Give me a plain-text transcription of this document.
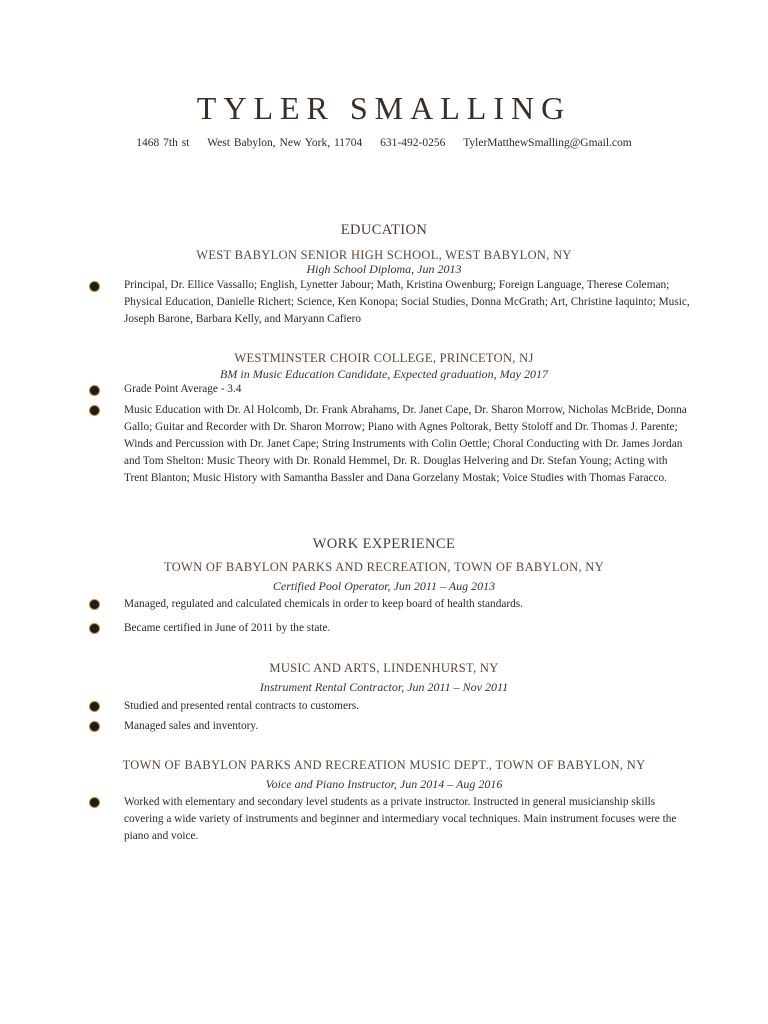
TYLER SMALLING
1468 7th st West Babylon, New York, 11704 631-492-0256 TylerMatthewSmalling@Gmail.com
EDUCATION
WEST BABYLON SENIOR HIGH SCHOOL, WEST BABYLON, NY
High School Diploma, Jun 2013
Principal, Dr. Ellice Vassallo; English, Lynetter Jabour; Math, Kristina Owenburg; Foreign Language, Therese Coleman; Physical Education, Danielle Richert; Science, Ken Konopa; Social Studies, Donna McGrath; Art, Christine Iaquinto; Music, Joseph Barone, Barbara Kelly, and Maryann Cafiero
WESTMINSTER CHOIR COLLEGE, PRINCETON, NJ
BM in Music Education Candidate, Expected graduation, May 2017
Grade Point Average - 3.4
Music Education with Dr. Al Holcomb, Dr. Frank Abrahams, Dr. Janet Cape, Dr. Sharon Morrow, Nicholas McBride, Donna Gallo; Guitar and Recorder with Dr. Sharon Morrow; Piano with Agnes Poltorak, Betty Stoloff and Dr. Thomas J. Parente; Winds and Percussion with Dr. Janet Cape; String Instruments with Colin Oettle; Choral Conducting with Dr. James Jordan and Tom Shelton: Music Theory with Dr. Ronald Hemmel, Dr. R. Douglas Helvering and Dr. Stefan Young; Acting with Trent Blanton; Music History with Samantha Bassler and Dana Gorzelany Mostak; Voice Studies with Thomas Faracco.
WORK EXPERIENCE
TOWN OF BABYLON PARKS AND RECREATION, TOWN OF BABYLON, NY
Certified Pool Operator, Jun 2011 – Aug 2013
Managed, regulated and calculated chemicals in order to keep board of health standards.
Became certified in June of 2011 by the state.
MUSIC AND ARTS, LINDENHURST, NY
Instrument Rental Contractor, Jun 2011 – Nov 2011
Studied and presented rental contracts to customers.
Managed sales and inventory.
TOWN OF BABYLON PARKS AND RECREATION MUSIC DEPT., TOWN OF BABYLON, NY
Voice and Piano Instructor, Jun 2014 – Aug 2016
Worked with elementary and secondary level students as a private instructor. Instructed in general musicianship skills covering a wide variety of instruments and beginner and intermediary vocal techniques. Main instrument focuses were the piano and voice.
